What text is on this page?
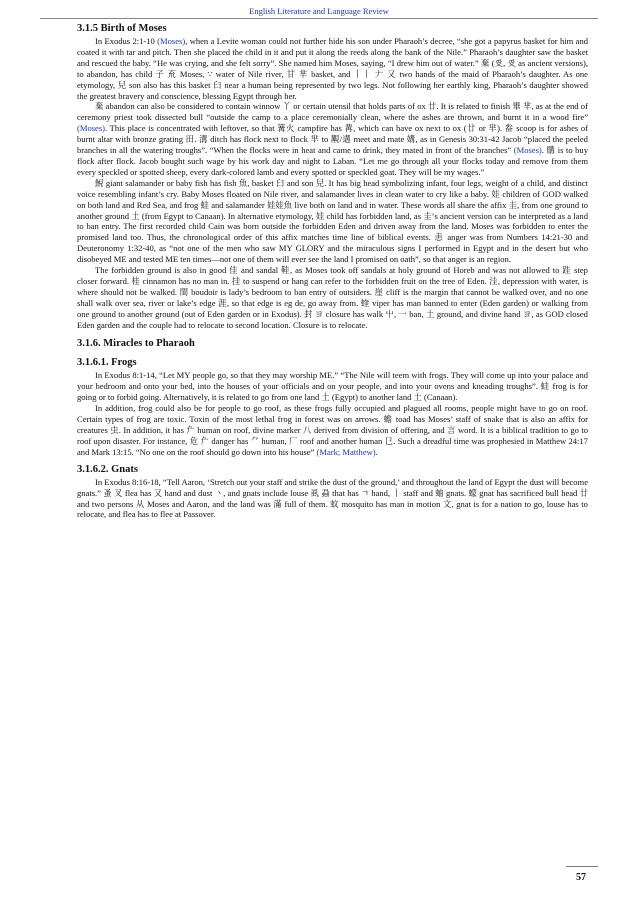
English Literature and Language Review
3.1.5 Birth of Moses

In Exodus 2:1-10 (Moses), when a Levite woman could not further hide his son under Pharaoh’s decree, “she got a papyrus basket for him and coated it with tar and pitch. Then she placed the child in it and put it along the reeds along the bank of the Nile.” Pharaoh’s daughter saw the basket and rescued the baby. “He was crying, and she felt sorry”. She named him Moses, saying, “I drew him out of water.” 棄 (𠬪, 𠬪 as ancient versions), to abandon, has child 子 㐬 Moses, ∵ water of Nile river, 甘 芈 basket, and 丨丨 𠂇 又 two hands of the maid of Pharaoh’s daughter. As one etymology, 兒 son also has this basket 臼 near a human being represented by two legs. Not following her earthly king, Pharaoh’s daughter showed the greatest bravery and conscience, blessing Egypt through her.

棄 abandon can also be considered to contain winnow 丫 or certain utensil that holds parts of ox 廿. It is related to finish 畢 芈, as at the end of ceremony priest took dissected bull “outside the camp to a place ceremonially clean, where the ashes are thrown, and burnt it in a wood fire” (Moses). This place is concentrated with leftover, so that 篝火 campfire has 冓, which can have ox next to ox (廿 or 芈). 畚 scoop is for ashes of burnt altar with bronze grating 田. 溝 ditch has flock next to flock 芈 to 覯/遘 meet and mate 媾, as in Genesis 30:31-42 Jacob “placed the peeled branches in all the watering troughs”. “When the flocks were in heat and came to drink, they mated in front of the branches” (Moses). 購 is to buy flock after flock. Jacob bought such wage by his work day and night to Laban. “Let me go through all your flocks today and remove from them every speckled or spotted sheep, every dark-colored lamb and every spotted or speckled goat. They will be my wages.”

鯢 giant salamander or baby fish has fish 魚, basket 臼 and son 兒. It has big head symbolizing infant, four legs, weight of a child, and distinct voice resembling infant’s cry. Baby Moses floated on Nile river, and salamander lives in clean water to cry like a baby. 娃 children of GOD walked on both land and Red Sea, and frog 蛙 and salamander 娃娃魚 live both on land and in water. These words all share the affix 圭, from one ground to another ground 土 (from Egypt to Canaan). In alternative etymology, 娃 child has forbidden land, as 圭’s ancient version can be interpreted as a land to ban entry. The first recorded child Cain was born outside the forbidden Eden and driven away from the land. Moses was forbidden to enter the promised land too. Thus, the chronological order of this affix matches time line of biblical events. 恚 anger was from Numbers 14:21-30 and Deuteronomy 1:32-40, as “not one of the men who saw MY GLORY and the miraculous signs I performed in Egypt and in the desert but who disobeyed ME and tested ME ten times—not one of them will ever see the land I promised on oath”, so that anger is an region.

The forbidden ground is also in good 佳 and sandal 鞋, as Moses took off sandals at holy ground of Horeb and was not allowed to 跬 step closer forward. 桂 cinnamon has no man in. 挂 to suspend or hang can refer to the forbidden fruit on the tree of Eden. 洼, depression with water, is where should not be walked. 閨 boudoir is lady’s bedroom to ban entry of outsiders. 崖 cliff is the margin that cannot be walked over, and no one shall walk over sea, river or lake’s edge 涯, so that edge is eg de, go away from. 蝰 viper has man banned to enter (Eden garden) or walking from one ground to another ground (out of Eden garden or in Exodus). 封 ヨ closure has walk 屮, 一 ban, 土 ground, and divine hand ヨ, as GOD closed Eden garden and the couple had to relocate to second location. Closure is to relocate.

3.1.6. Miracles to Pharaoh
3.1.6.1. Frogs

In Exodus 8:1-14, “Let MY people go, so that they may worship ME.” “The Nile will teem with frogs. They will come up into your palace and your bedroom and onto your bed, into the houses of your officials and on your people, and into your ovens and kneading troughs”. 蛙 frog is for going or to forbid going. Alternatively, it is related to go from one land 土 (Egypt) to another land 土 (Canaan).

In addition, frog could also be for people to go roof, as these frogs fully occupied and plagued all rooms, people might have to go on roof. Certain types of frog are toxic. Toxin of the most lethal frog in forest was on arrows. 蟾 toad has Moses’ staff of snake that is also an affix for creatures 虫. In addition, it has 厃 human on roof, divine marker 八 derived from division of offering, and 言 word. It is a biblical tradition to go to roof upon disaster. For instance, 危 厃 danger has ⺈ human, 厂 roof and another human 㔾. Such a dreadful time was prophesied in Matthew 24:17 and Mark 13:15. “No one on the roof should go down into his house” (Mark; Matthew).

3.1.6.2. Gnats

In Exodus 8:16-18, “Tell Aaron, ‘Stretch out your staff and strike the dust of the ground,’ and throughout the land of Egypt the dust will become gnats.” 蚤 叉 flea has 又 hand and dust 丶, and gnats include louse 虱 蝨 that has ㄱ hand, 丨 staff and 蚰 gnats. 蠓 gnat has sacrificed bull head 廿 and two persons 从 Moses and Aaron, and the land was 滿 full of them. 蚊 mosquito has man in motion 文, gnat is for a nation to go, louse has to relocate, and flea has to flee at Passover.

57
